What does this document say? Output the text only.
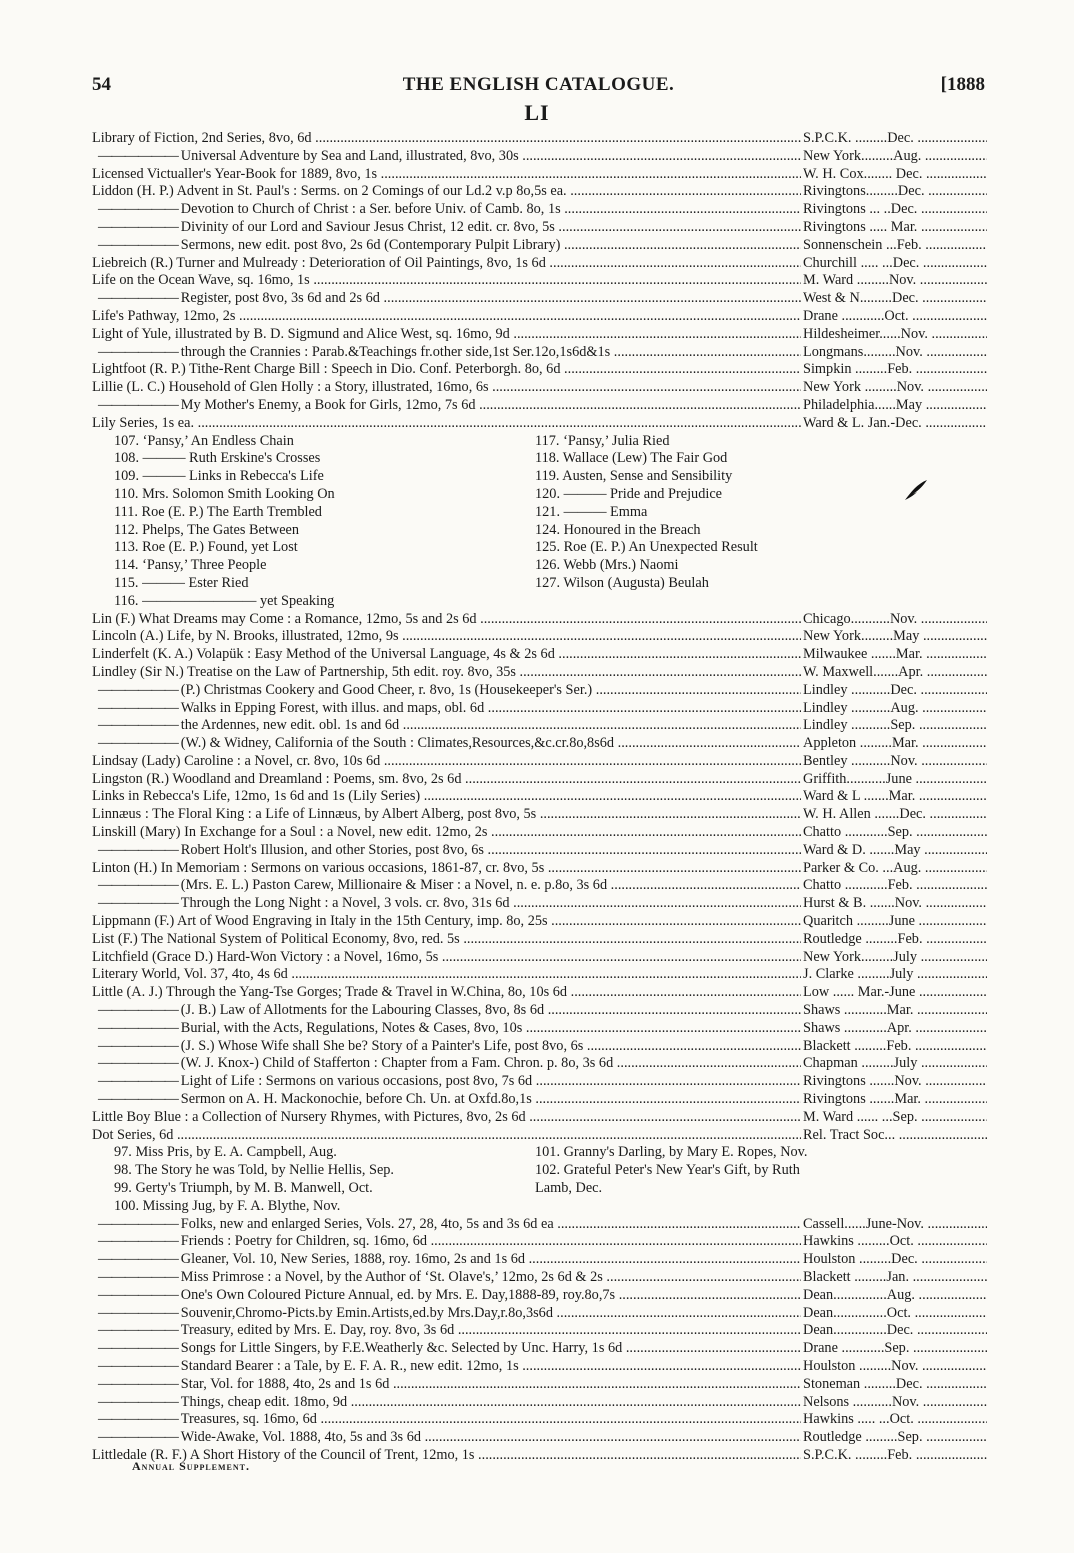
54	THE ENGLISH CATALOGUE.	[1888
LI
Library of Fiction, 2nd Series, 8vo, 6d .....	S.P.C.K. .........Dec. .....
—————— Universal Adventure by Sea and Land, illustrated, 8vo, 30s .....	New York.........Aug. .....
Licensed Victualler's Year-Book for 1889, 8vo, 1s .....	W. H. Cox........ Dec. .....
Liddon (H. P.) Advent in St. Paul's : Serms. on 2 Comings of our Ld.2 v.p 8o,5s ea. .....	Rivingtons.........Dec. .....
—————— Devotion to Church of Christ : a Ser. before Univ. of Camb. 8o, 1s .....	Rivingtons ... ..Dec. .....
—————— Divinity of our Lord and Saviour Jesus Christ, 12 edit. cr. 8vo, 5s .....	Rivingtons ..... Mar. .....
—————— Sermons, new edit. post 8vo, 2s 6d (Contemporary Pulpit Library) .....	Sonnenschein ...Feb. .....
Liebreich (R.) Turner and Mulready : Deterioration of Oil Paintings, 8vo, 1s 6d .....	Churchill ..... ...Dec. .....
Life on the Ocean Wave, sq. 16mo, 1s .....	M. Ward .........Nov. .....
—————— Register, post 8vo, 3s 6d and 2s 6d .....	West & N.........Dec. .....
Life's Pathway, 12mo, 2s .....	Drane ............Oct. .....
Light of Yule, illustrated by B. D. Sigmund and Alice West, sq. 16mo, 9d .....	Hildesheimer......Nov. .....
—————— through the Crannies : Parab.&Teachings fr.other side,1st Ser.12o,1s6d&1s .....	Longmans.........Nov. .....
Lightfoot (R. P.) Tithe-Rent Charge Bill : Speech in Dio. Conf. Peterborgh. 8o, 6d .....	Simpkin .........Feb. .....
Lillie (L. C.) Household of Glen Holly : a Story, illustrated, 16mo, 6s .....	New York .........Nov. .....
—————— My Mother's Enemy, a Book for Girls, 12mo, 7s 6d .....	Philadelphia......May .....
Lily Series, 1s ea. .....	Ward & L. Jan.-Dec. .....
107. ‘Pansy,’ An Endless Chain	117. ‘Pansy,’ Julia Ried
108. ——— Ruth Erskine's Crosses	118. Wallace (Lew) The Fair God
109. ——— Links in Rebecca's Life	119. Austen, Sense and Sensibility
110. Mrs. Solomon Smith Looking On	120. ——— Pride and Prejudice
111. Roe (E. P.) The Earth Trembled	121. ——— Emma
112. Phelps, The Gates Between	124. Honoured in the Breach
113. Roe (E. P.) Found, yet Lost	125. Roe (E. P.) An Unexpected Result
114. ‘Pansy,’ Three People	126. Webb (Mrs.) Naomi
115. ——— Ester Ried	127. Wilson (Augusta) Beulah
116. ———————— yet Speaking
Lin (F.) What Dreams may Come : a Romance, 12mo, 5s and 2s 6d .....	Chicago...........Nov. .....
Lincoln (A.) Life, by N. Brooks, illustrated, 12mo, 9s .....	New York.........May .....
Linderfelt (K. A.) Volapük : Easy Method of the Universal Language, 4s & 2s 6d .....	Milwaukee .......Mar. .....
Lindley (Sir N.) Treatise on the Law of Partnership, 5th edit. roy. 8vo, 35s .....	W. Maxwell.......Apr. .....
—————— (P.) Christmas Cookery and Good Cheer, r. 8vo, 1s (Housekeeper's Ser.) .....	Lindley ...........Dec. .....
—————— Walks in Epping Forest, with illus. and maps, obl. 6d .....	Lindley ...........Aug. .....
—————— the Ardennes, new edit. obl. 1s and 6d .....	Lindley ...........Sep. .....
—————— (W.) & Widney, California of the South : Climates,Resources,&c.cr.8o,8s6d .....	Appleton .........Mar. .....
Lindsay (Lady) Caroline : a Novel, cr. 8vo, 10s 6d .....	Bentley ...........Nov. .....
Lingston (R.) Woodland and Dreamland : Poems, sm. 8vo, 2s 6d .....	Griffith...........June .....
Links in Rebecca's Life, 12mo, 1s 6d and 1s (Lily Series) .....	Ward & L .......Mar. .....
Linnæus : The Floral King : a Life of Linnæus, by Albert Alberg, post 8vo, 5s .....	W. H. Allen .......Dec. .....
Linskill (Mary) In Exchange for a Soul : a Novel, new edit. 12mo, 2s .....	Chatto ............Sep. .....
—————— Robert Holt's Illusion, and other Stories, post 8vo, 6s .....	Ward & D. .......May .....
Linton (H.) In Memoriam : Sermons on various occasions, 1861-87, cr. 8vo, 5s .....	Parker & Co. ...Aug. .....
—————— (Mrs. E. L.) Paston Carew, Millionaire & Miser : a Novel, n. e. p.8o, 3s 6d .....	Chatto ............Feb. .....
—————— Through the Long Night : a Novel, 3 vols. cr. 8vo, 31s 6d .....	Hurst & B. .......Nov. .....
Lippmann (F.) Art of Wood Engraving in Italy in the 15th Century, imp. 8o, 25s .....	Quaritch .........June .....
List (F.) The National System of Political Economy, 8vo, red. 5s .....	Routledge .........Feb. .....
Litchfield (Grace D.) Hard-Won Victory : a Novel, 16mo, 5s .....	New York.........July .....
Literary World, Vol. 37, 4to, 4s 6d .....	J. Clarke .........July .....
Little (A. J.) Through the Yang-Tse Gorges; Trade & Travel in W.China, 8o, 10s 6d .....	Low ...... Mar.-June .....
—————— (J. B.) Law of Allotments for the Labouring Classes, 8vo, 8s 6d .....	Shaws ............Mar. .....
—————— Burial, with the Acts, Regulations, Notes & Cases, 8vo, 10s .....	Shaws ............Apr. .....
—————— (J. S.) Whose Wife shall She be? Story of a Painter's Life, post 8vo, 6s .....	Blackett .........Feb. .....
—————— (W. J. Knox-) Child of Stafferton : Chapter from a Fam. Chron. p. 8o, 3s 6d .....	Chapman .........July .....
—————— Light of Life : Sermons on various occasions, post 8vo, 7s 6d .....	Rivingtons .......Nov. .....
—————— Sermon on A. H. Mackonochie, before Ch. Un. at Oxfd.8o,1s .....	Rivingtons .......Mar. .....
Little Boy Blue : a Collection of Nursery Rhymes, with Pictures, 8vo, 2s 6d .....	M. Ward ...... ...Sep. .....
Dot Series, 6d .....	Rel. Tract Soc... .....
97. Miss Pris, by E. A. Campbell, Aug.	101. Granny's Darling, by Mary E. Ropes, Nov.
98. The Story he was Told, by Nellie Hellis, Sep.	102. Grateful Peter's New Year's Gift, by Ruth
99. Gerty's Triumph, by M. B. Manwell, Oct.	Lamb, Dec.
100. Missing Jug, by F. A. Blythe, Nov.
—————— Folks, new and enlarged Series, Vols. 27, 28, 4to, 5s and 3s 6d ea .....	Cassell......June-Nov. .....
—————— Friends : Poetry for Children, sq. 16mo, 6d .....	Hawkins .........Oct. .....
—————— Gleaner, Vol. 10, New Series, 1888, roy. 16mo, 2s and 1s 6d .....	Houlston .........Dec. .....
—————— Miss Primrose : a Novel, by the Author of ‘St. Olave's,’ 12mo, 2s 6d & 2s .....	Blackett .........Jan. .....
—————— One's Own Coloured Picture Annual, ed. by Mrs. E. Day,1888-89, roy.8o,7s .....	Dean...............Aug. .....
—————— Souvenir,Chromo-Picts.by Emin.Artists,ed.by Mrs.Day,r.8o,3s6d .....	Dean...............Oct. .....
—————— Treasury, edited by Mrs. E. Day, roy. 8vo, 3s 6d .....	Dean...............Dec. .....
—————— Songs for Little Singers, by F.E.Weatherly &c. Selected by Unc. Harry, 1s 6d .....	Drane ............Sep. .....
—————— Standard Bearer : a Tale, by E. F. A. R., new edit. 12mo, 1s .....	Houlston .........Nov. .....
—————— Star, Vol. for 1888, 4to, 2s and 1s 6d .....	Stoneman .........Dec. .....
—————— Things, cheap edit. 18mo, 9d .....	Nelsons ...........Nov. .....
—————— Treasures, sq. 16mo, 6d .....	Hawkins ..... ...Oct. .....
—————— Wide-Awake, Vol. 1888, 4to, 5s and 3s 6d .....	Routledge .........Sep. .....
Littledale (R. F.) A Short History of the Council of Trent, 12mo, 1s .....	S.P.C.K. .........Feb. .....
Annual Supplement.
